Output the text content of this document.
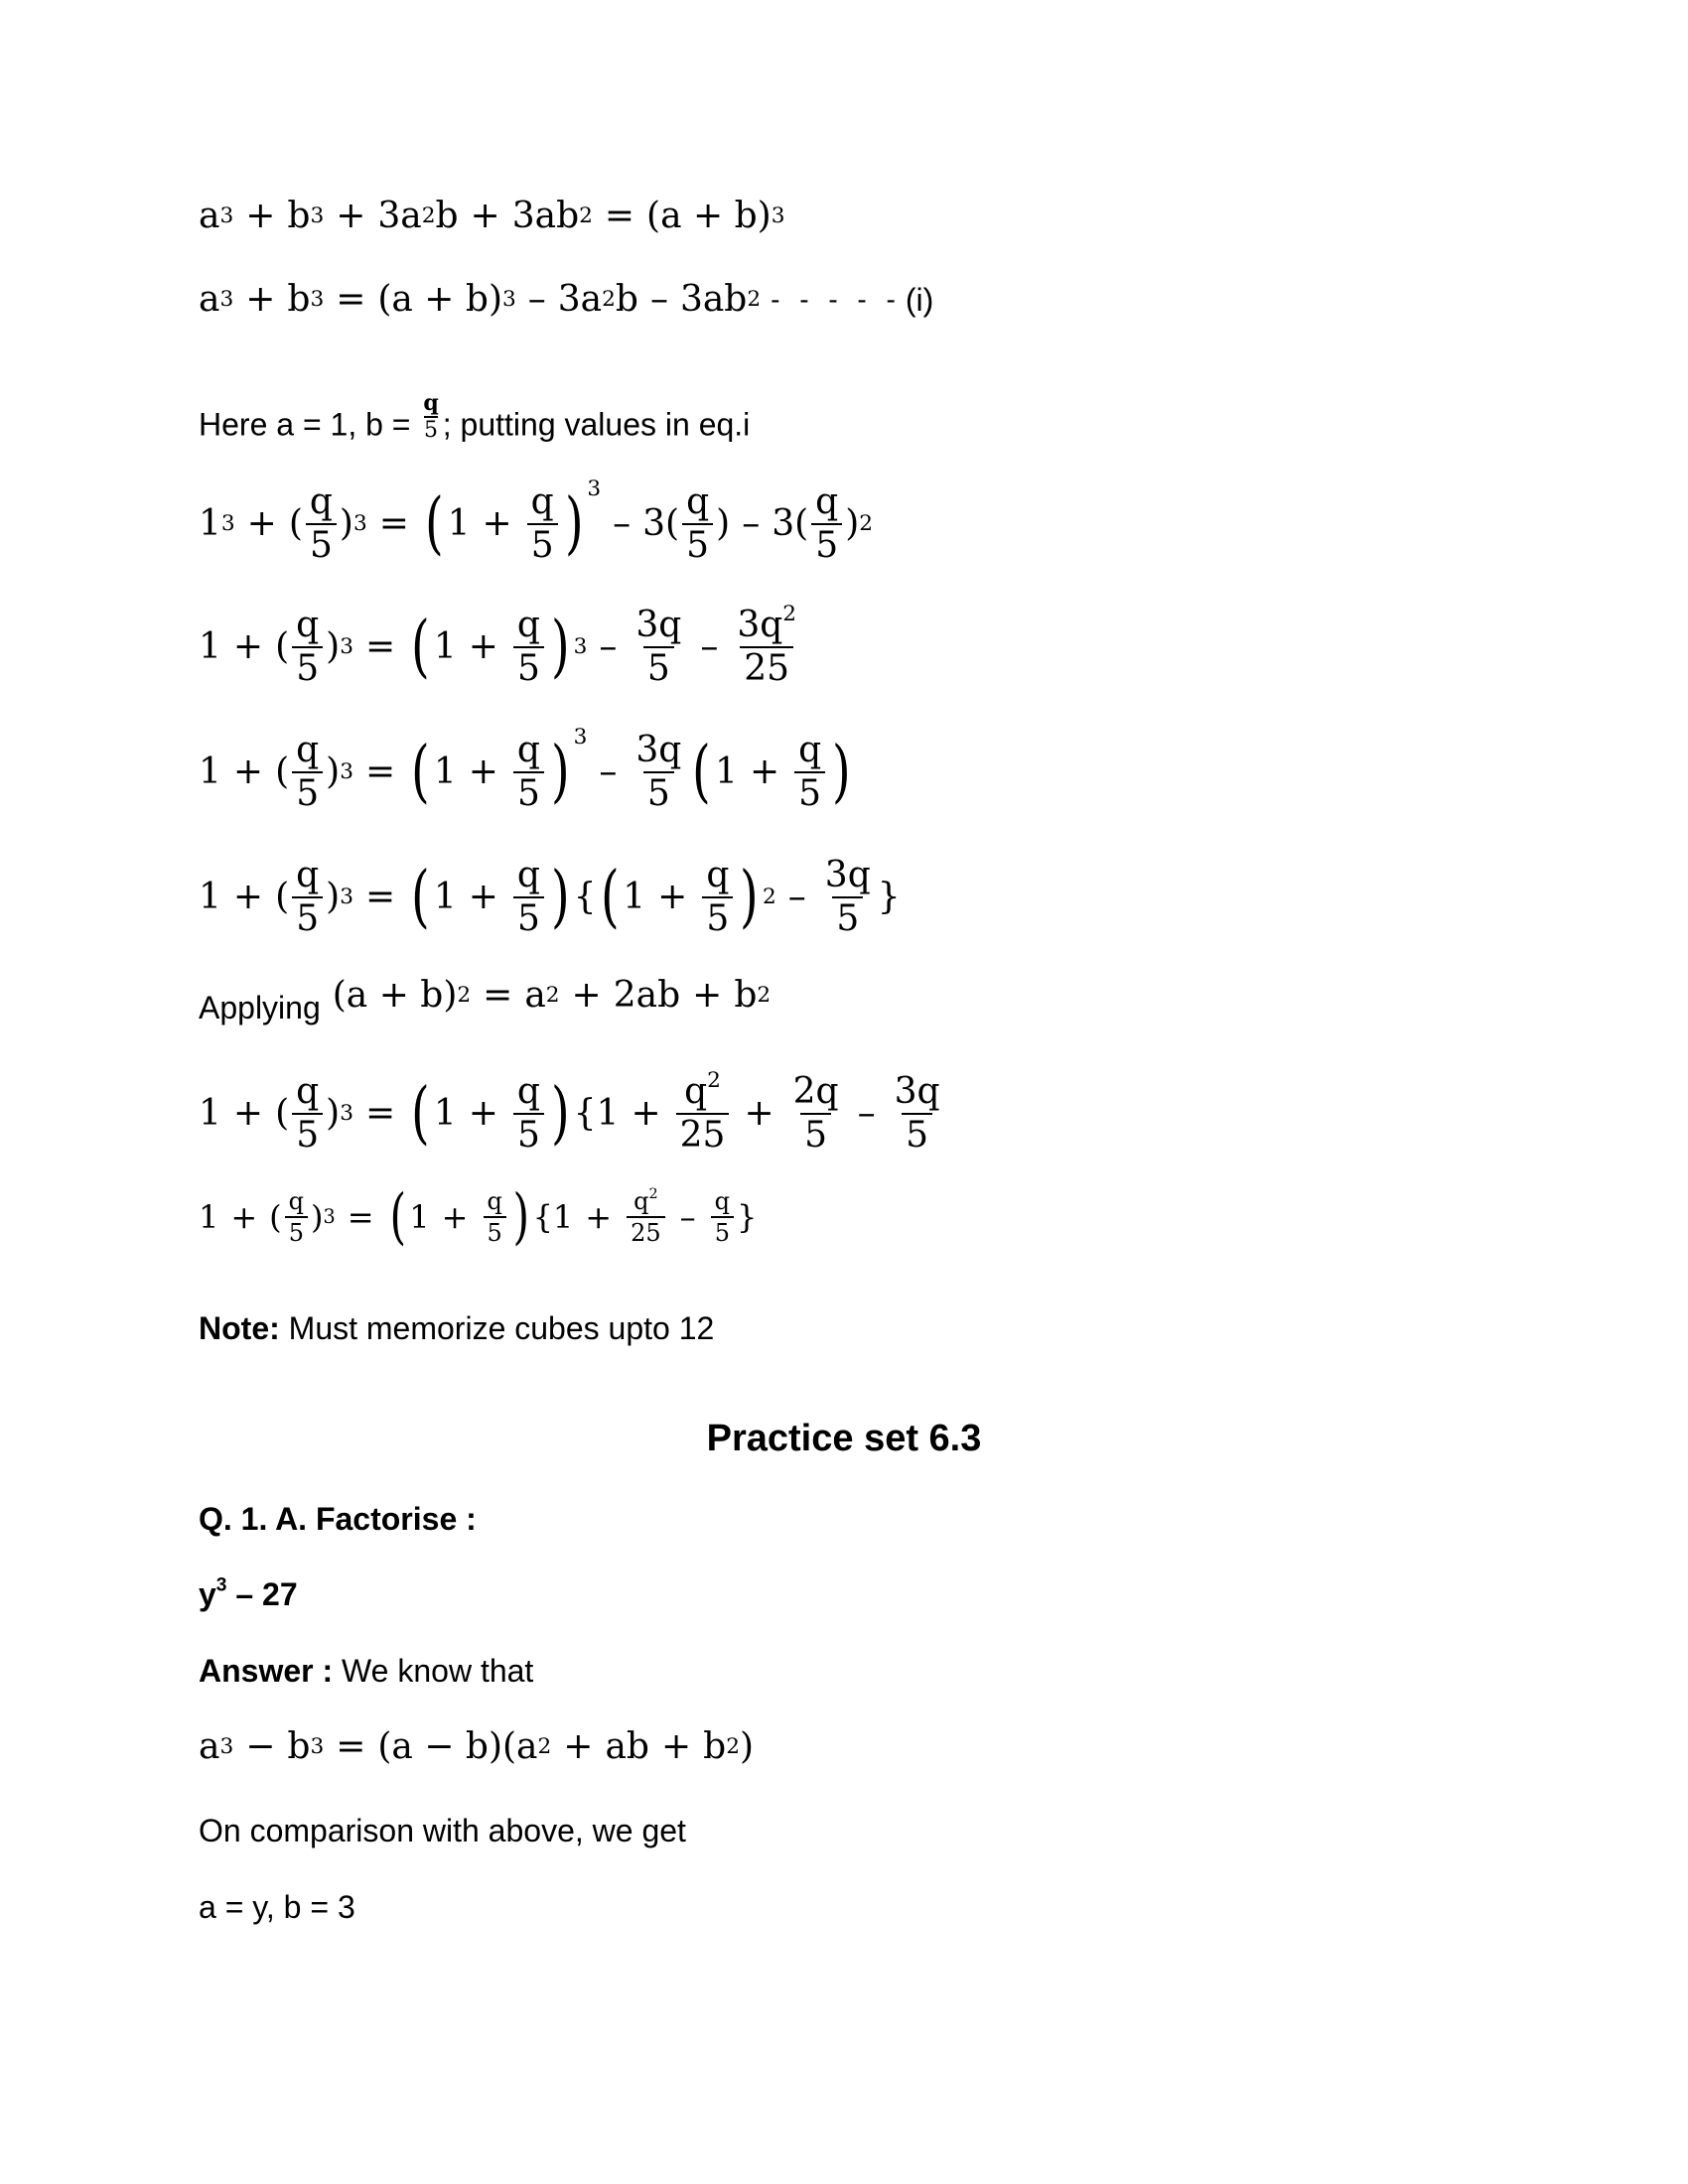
a 3 + b 3 + 3a 2 b + 3ab 2 = (a + b) 3
a 3 + b 3 = (a + b) 3 – 3a 2 b – 3ab 2 - - - - - (i)
Here a = 1, $b = \frac{q}{5}$ ; putting values in eq.i
1 3 + ( $\frac{q}{5}$ ) 3 = ( $1 + \frac{q}{5}$ ) 3
– $3( \frac{q}{5}$ ) – $3( \frac{q}{5}$ ) 2
1 + ( $\frac{q}{5}$ ) 3 = ( $1 + \frac{q}{5}$ ) $3 - \frac{3q}{5} - \frac{3q^2}{25}$
1 + ( $\frac{q}{5}$ ) 3 = ( $1 + \frac{q}{5}$ ) 3
– $\frac{3q}{5}$ ( $1 + \frac{q}{5}$ )
1 + ( $\frac{q}{5}$ ) 3 = ( $1 + \frac{q}{5}$ ) { ( $1 + \frac{q}{5}$ ) $2 - \frac{3q}{5}$ }
Applying (a + b) 2 = a 2 + 2ab + b 2
1 + ( $\frac{q}{5}$ ) 3 = ( $1 + \frac{q}{5}$ ) {$1 + \frac{q^2}{25} + \frac{2q}{5} - \frac{3q}{5}$
1 + ( $\frac{q}{5}$ ) 3 = ( $1 + \frac{q}{5}$ ) {$1 + \frac{q^2}{25} - \frac{q}{5}$ }
Note: Must memorize cubes upto 12
Practice set 6.3
Q. 1. A. Factorise :
$y^3 - 27$
Answer : We know that
a 3 − b 3 = (a − b) (a 2 + ab + b 2 )
On comparison with above, we get
a = y, b = 3
